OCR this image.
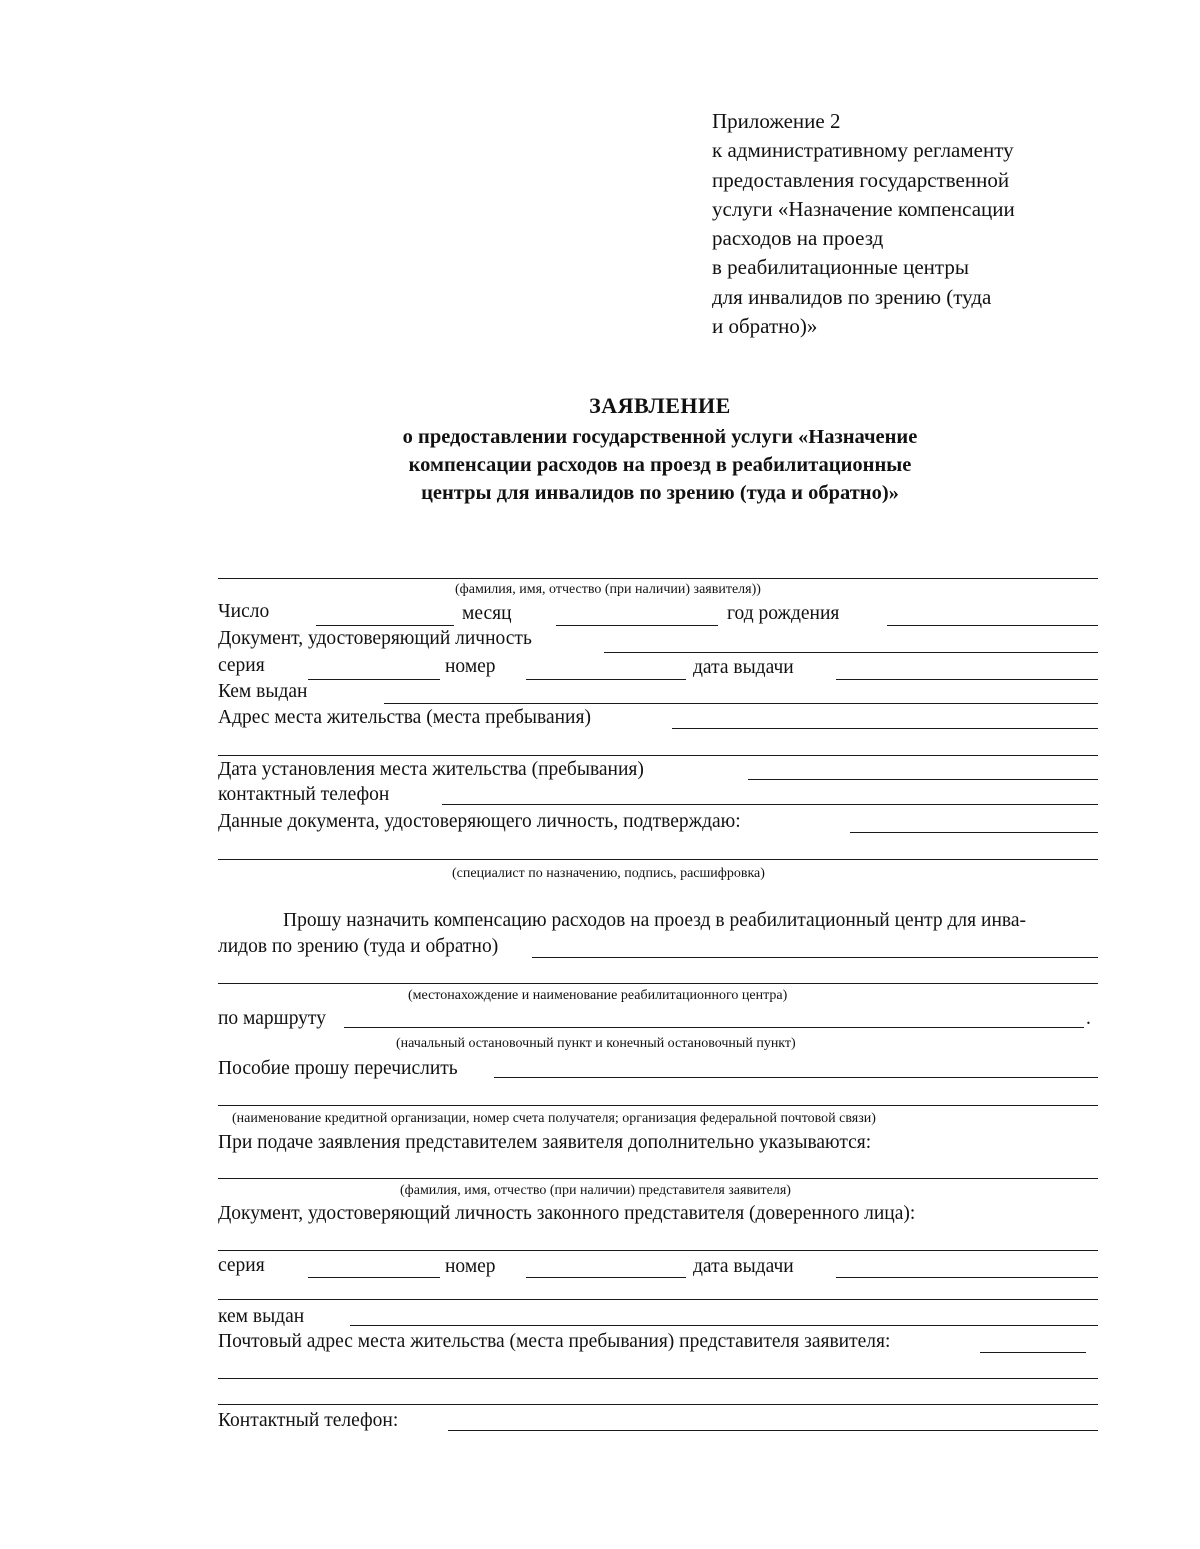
Приложение 2
к административному регламенту
предоставления государственной
услуги «Назначение компенсации
расходов на проезд
в реабилитационные центры
для инвалидов по зрению (туда
и обратно)»
ЗАЯВЛЕНИЕ
о предоставлении государственной услуги «Назначение
компенсации расходов на проезд в реабилитационные
центры для инвалидов по зрению (туда и обратно)»
(фамилия, имя, отчество (при наличии) заявителя))
Число	месяц	год рождения
Документ, удостоверяющий личность
серия	номер	дата выдачи
Кем выдан
Адрес места жительства (места пребывания)
Дата установления места жительства (пребывания)
контактный телефон
Данные документа, удостоверяющего личность, подтверждаю:
(специалист по назначению, подпись, расшифровка)
Прошу назначить компенсацию расходов на проезд в реабилитационный центр для инва-
лидов по зрению (туда и обратно)
(местонахождение и наименование реабилитационного центра)
по маршруту	.
(начальный остановочный пункт и конечный остановочный пункт)
Пособие прошу перечислить
(наименование кредитной организации, номер счета получателя; организация федеральной почтовой связи)
При подаче заявления представителем заявителя дополнительно указываются:
(фамилия, имя, отчество (при наличии) представителя заявителя)
Документ, удостоверяющий личность законного представителя (доверенного лица):
серия	номер	дата выдачи
кем выдан
Почтовый адрес места жительства (места пребывания) представителя заявителя:
Контактный телефон:
